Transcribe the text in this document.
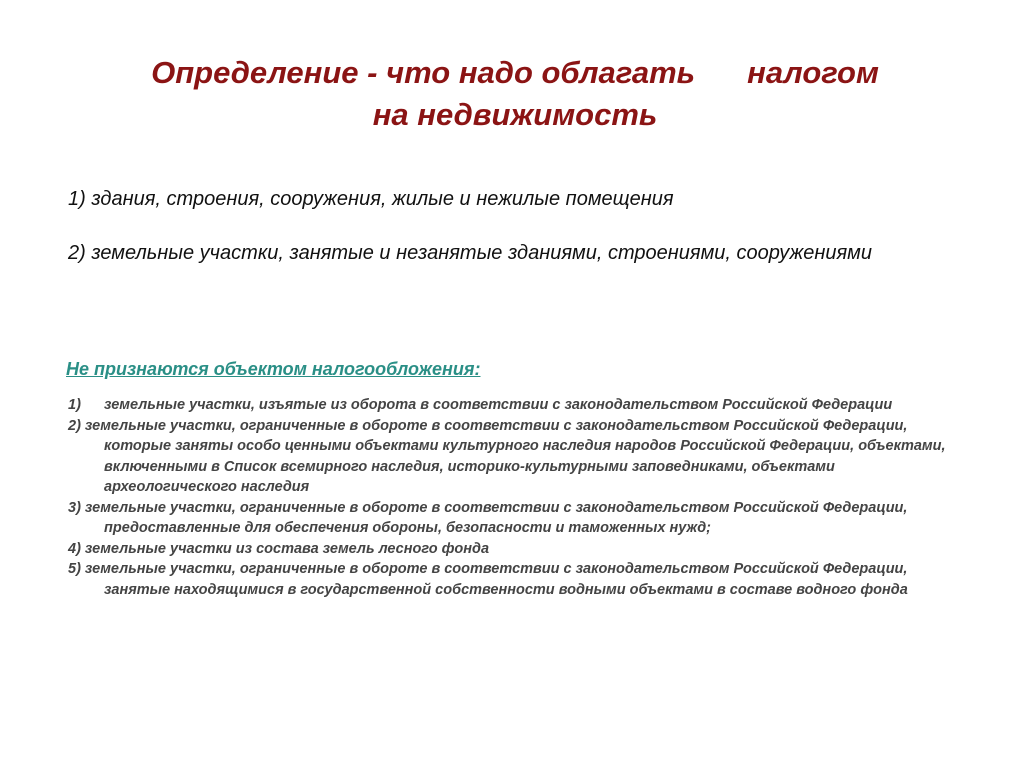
Определение - что надо облагать налогом
на недвижимость

1) здания, строения, сооружения, жилые и нежилые помещения

2) земельные участки, занятые и незанятые зданиями, строениями, сооружениями

Не признаются объектом налогообложения:
1) земельные участки, изъятые из оборота в соответствии с законодательством Российской Федерации
2) земельные участки, ограниченные в обороте в соответствии с законодательством Российской Федерации, которые заняты особо ценными объектами культурного наследия народов Российской Федерации, объектами, включенными в Список всемирного наследия, историко-культурными заповедниками, объектами археологического наследия
3) земельные участки, ограниченные в обороте в соответствии с законодательством Российской Федерации, предоставленные для обеспечения обороны, безопасности и таможенных нужд;
4) земельные участки из состава земель лесного фонда
5) земельные участки, ограниченные в обороте в соответствии с законодательством Российской Федерации, занятые находящимися в государственной собственности водными объектами в составе водного фонда
